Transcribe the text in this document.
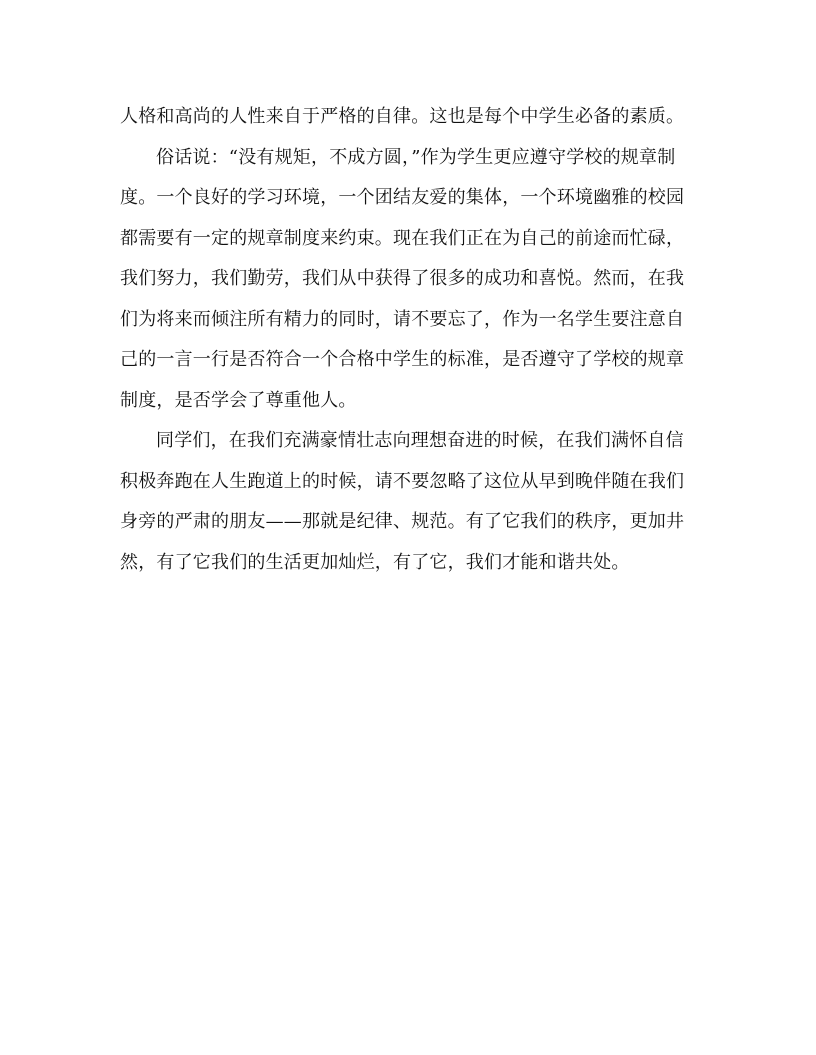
人格和高尚的人性来自于严格的自律。这也是每个中学生必备的素质。
俗话说：“没有规矩，不成方圆，”作为学生更应遵守学校的规章制
度。一个良好的学习环境，一个团结友爱的集体，一个环境幽雅的校园
都需要有一定的规章制度来约束。现在我们正在为自己的前途而忙碌，
我们努力，我们勤劳，我们从中获得了很多的成功和喜悦。然而，在我
们为将来而倾注所有精力的同时，请不要忘了，作为一名学生要注意自
己的一言一行是否符合一个合格中学生的标准，是否遵守了学校的规章
制度，是否学会了尊重他人。
同学们，在我们充满豪情壮志向理想奋进的时候，在我们满怀自信
积极奔跑在人生跑道上的时候，请不要忽略了这位从早到晚伴随在我们
身旁的严肃的朋友——那就是纪律、规范。有了它我们的秩序，更加井
然，有了它我们的生活更加灿烂，有了它，我们才能和谐共处。
